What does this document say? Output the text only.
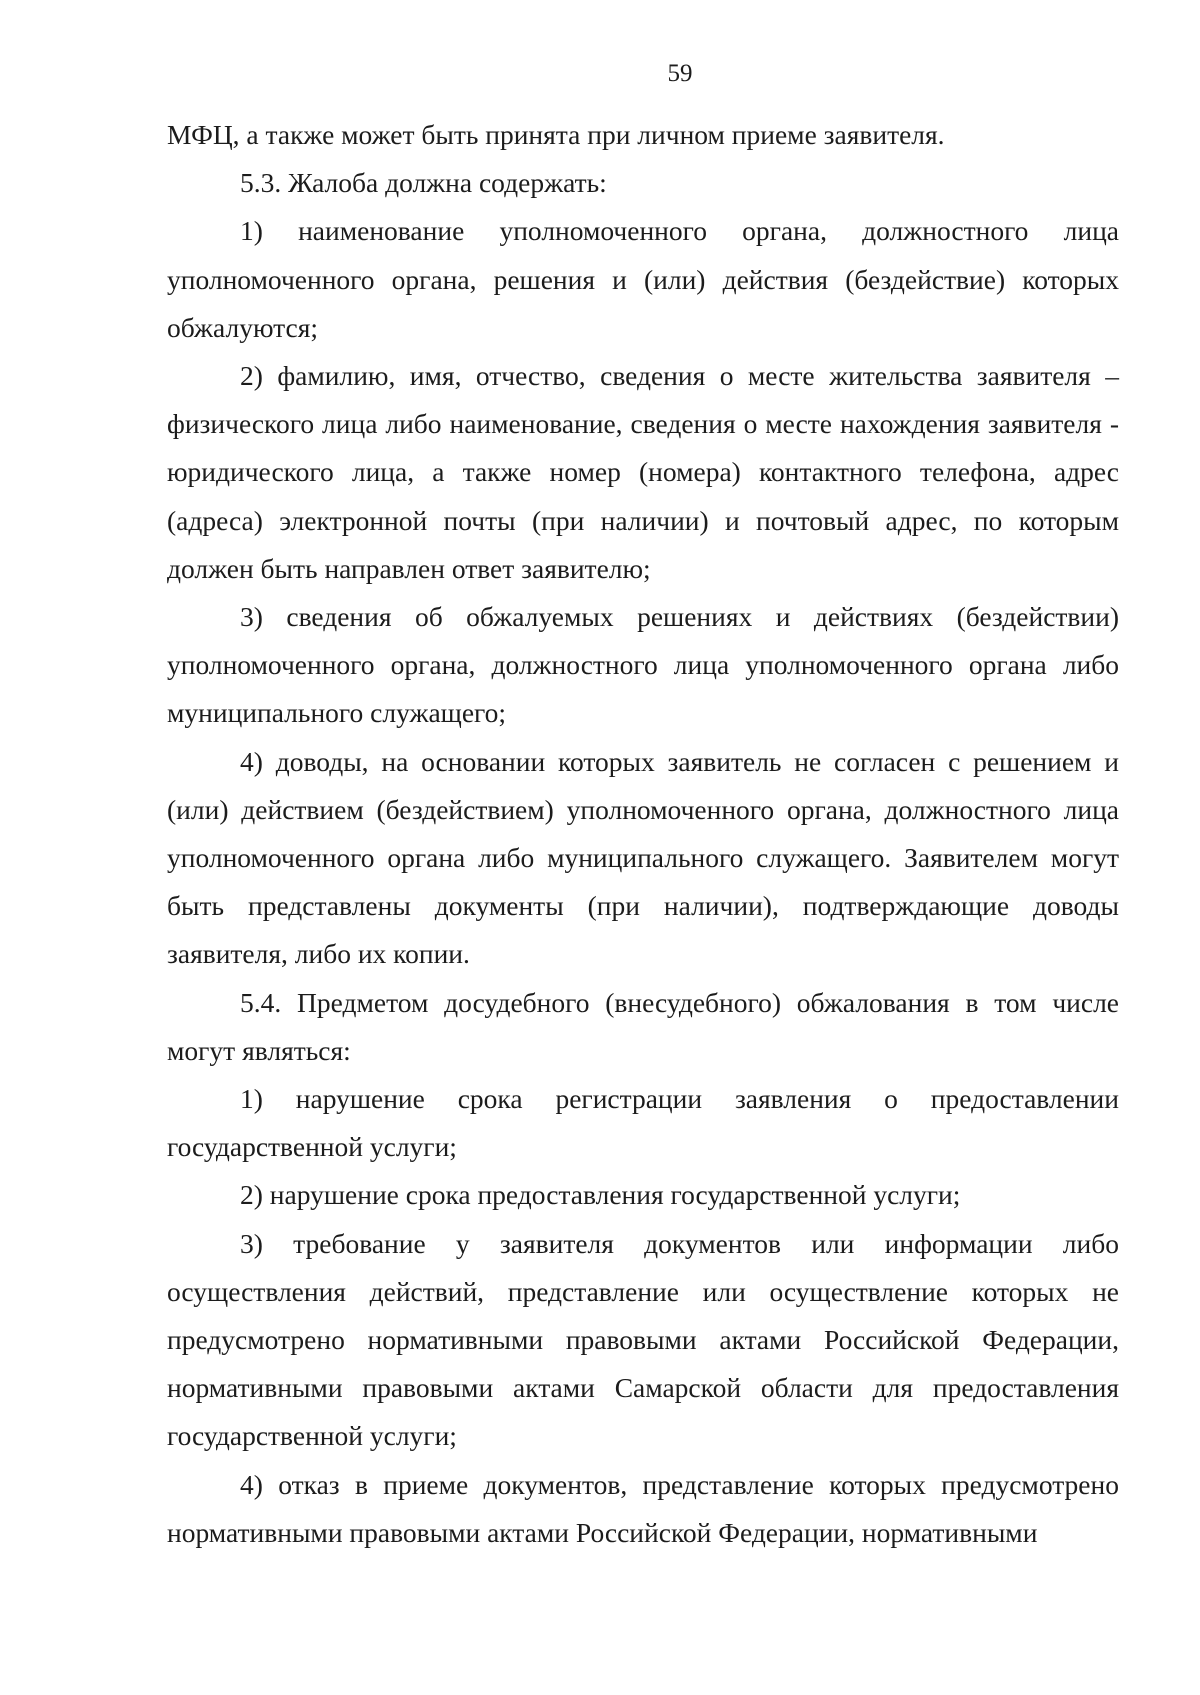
59

МФЦ, а также может быть принята при личном приеме заявителя.

5.3. Жалоба должна содержать:

1) наименование уполномоченного органа, должностного лица уполномоченного органа, решения и (или) действия (бездействие) которых обжалуются;

2) фамилию, имя, отчество, сведения о месте жительства заявителя – физического лица либо наименование, сведения о месте нахождения заявителя - юридического лица, а также номер (номера) контактного телефона, адрес (адреса) электронной почты (при наличии) и почтовый адрес, по которым должен быть направлен ответ заявителю;

3) сведения об обжалуемых решениях и действиях (бездействии) уполномоченного органа, должностного лица уполномоченного органа либо муниципального служащего;

4) доводы, на основании которых заявитель не согласен с решением и (или) действием (бездействием) уполномоченного органа, должностного лица уполномоченного органа либо муниципального служащего. Заявителем могут быть представлены документы (при наличии), подтверждающие доводы заявителя, либо их копии.

5.4. Предметом досудебного (внесудебного) обжалования в том числе могут являться:

1) нарушение срока регистрации заявления о предоставлении государственной услуги;

2) нарушение срока предоставления государственной услуги;

3) требование у заявителя документов или информации либо осуществления действий, представление или осуществление которых не предусмотрено нормативными правовыми актами Российской Федерации, нормативными правовыми актами Самарской области для предоставления государственной услуги;

4) отказ в приеме документов, представление которых предусмотрено нормативными правовыми актами Российской Федерации, нормативными
